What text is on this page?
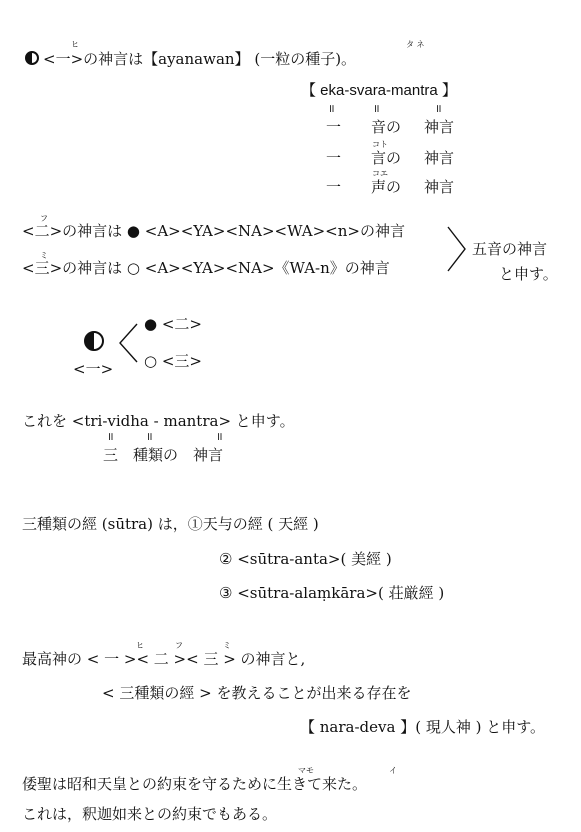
ヒ
<一>の神言は【ayanawan】 (一粒の種子)。
タ ネ
【 eka-svara-mantra 】
॥	॥	॥
一 音の 神言
コト
一 言の 神言
コエ
一 声の 神言
フ
<二>の神言は ● <A><YA><NA><WA><n>の神言
ミ
<三>の神言は ○ <A><YA><NA>《WA-n》の神言
五音の神言
と申す。
● <二>
○ <三>
<一>
これを <tri-vidha - mantra> と申す。
॥	॥	॥
三　種類の　神言
三種類の經 (sūtra) は，①天与の經 ( 天經 )
② <sūtra-anta>( 美經 )
③ <sūtra-alaṃkāra>( 荘厳經 )
ヒ	フ	ミ
最高神の < 一 >< 二 >< 三 > の神言と,
< 三種類の經 > を教えることが出来る存在を
【 nara-deva 】( 現人神 ) と申す。
マモ	イ
倭聖は昭和天皇との約束を守るために生きて来た。
これは，釈迦如来との約束でもある。
